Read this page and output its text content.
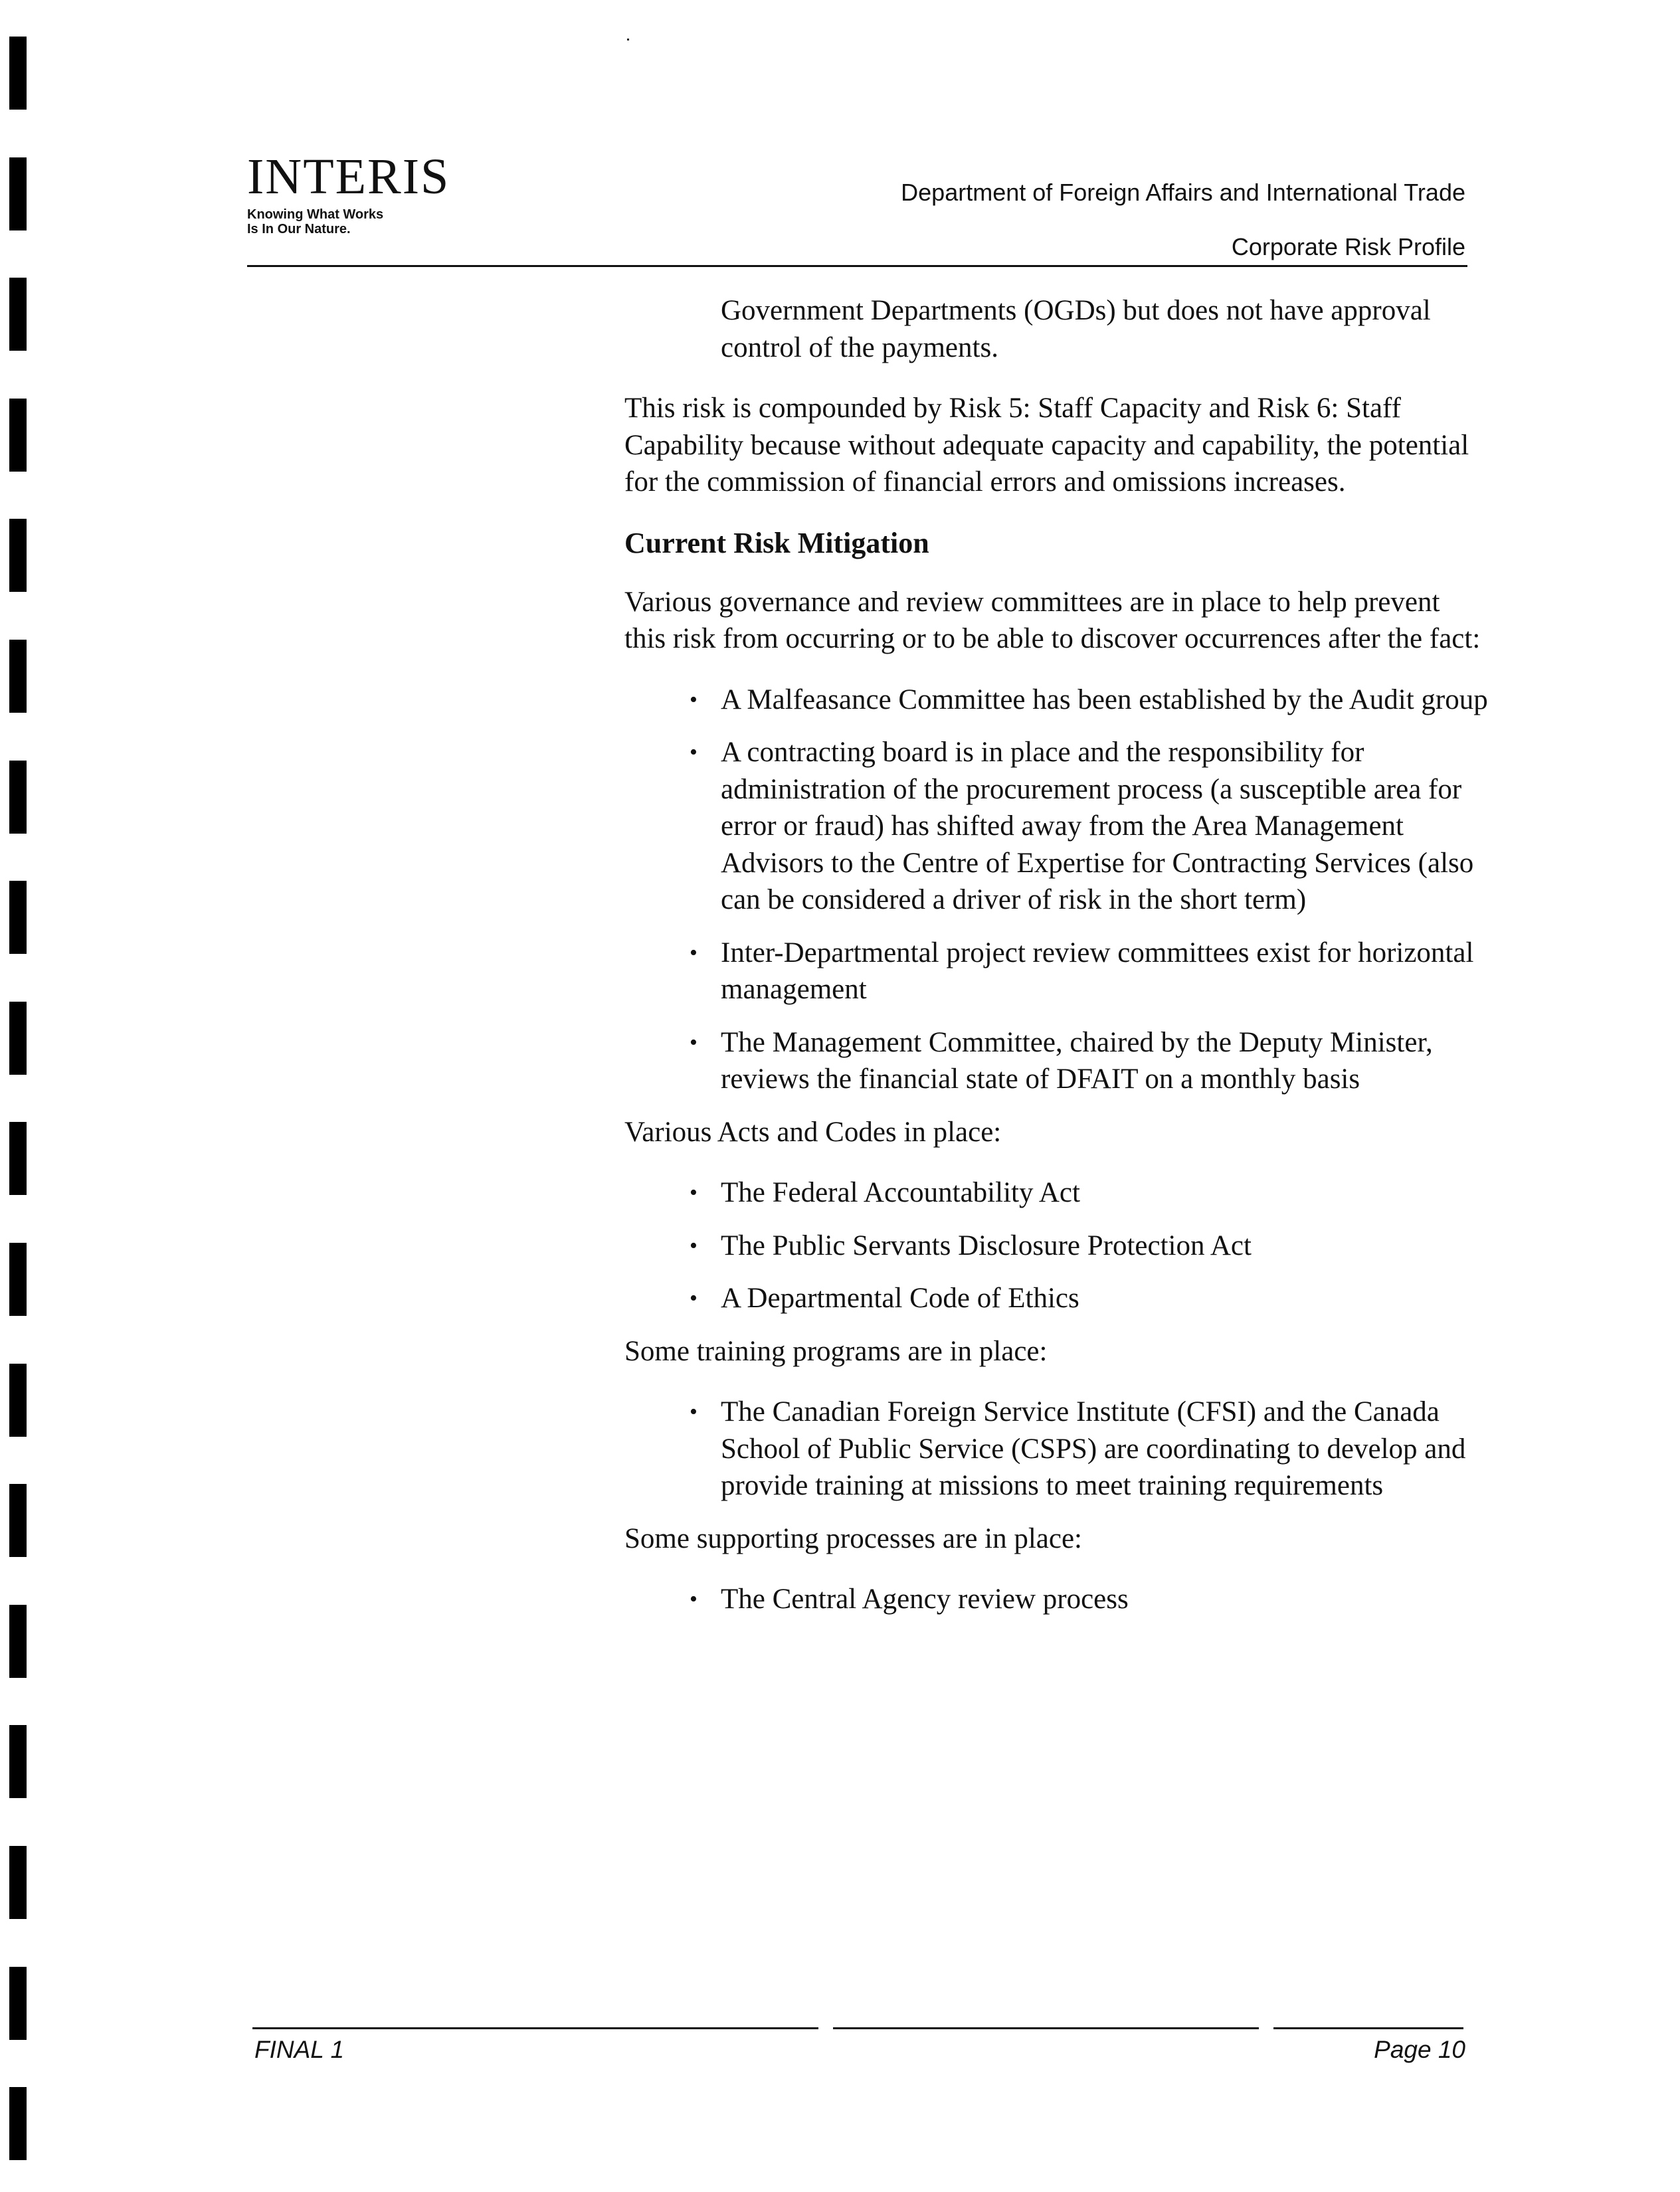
INTERIS
Knowing What Works
Is In Our Nature.
Department of Foreign Affairs and International Trade
Corporate Risk Profile

Government Departments (OGDs) but does not have approval control of the payments.

This risk is compounded by Risk 5: Staff Capacity and Risk 6: Staff Capability because without adequate capacity and capability, the potential for the commission of financial errors and omissions increases.

Current Risk Mitigation

Various governance and review committees are in place to help prevent this risk from occurring or to be able to discover occurrences after the fact:

• A Malfeasance Committee has been established by the Audit group
• A contracting board is in place and the responsibility for administration of the procurement process (a susceptible area for error or fraud) has shifted away from the Area Management Advisors to the Centre of Expertise for Contracting Services (also can be considered a driver of risk in the short term)
• Inter-Departmental project review committees exist for horizontal management
• The Management Committee, chaired by the Deputy Minister, reviews the financial state of DFAIT on a monthly basis

Various Acts and Codes in place:

• The Federal Accountability Act
• The Public Servants Disclosure Protection Act
• A Departmental Code of Ethics

Some training programs are in place:

• The Canadian Foreign Service Institute (CFSI) and the Canada School of Public Service (CSPS) are coordinating to develop and provide training at missions to meet training requirements

Some supporting processes are in place:

• The Central Agency review process
FINAL 1	Page 10
